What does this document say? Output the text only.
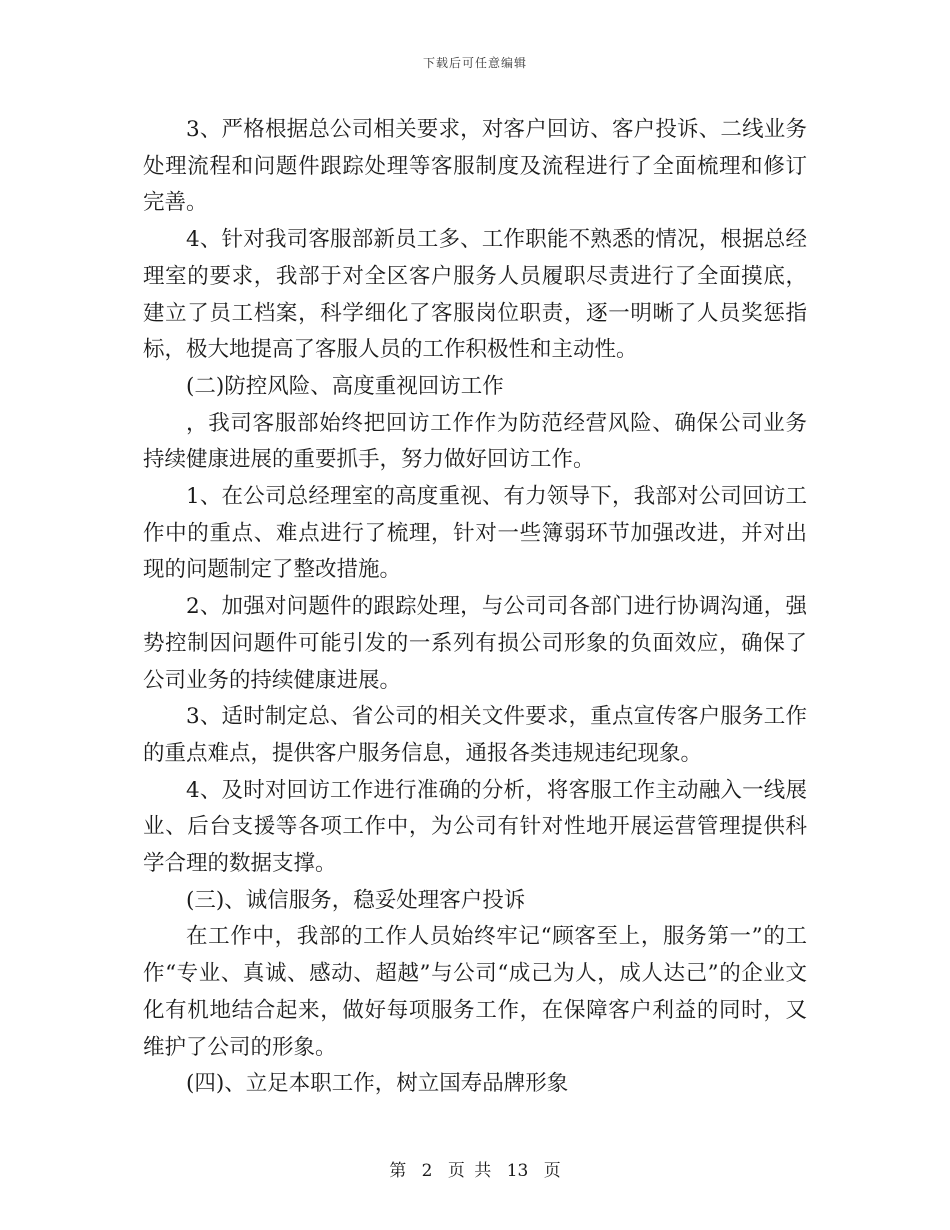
下载后可任意编辑

3、严格根据总公司相关要求，对客户回访、客户投诉、二线业务处理流程和问题件跟踪处理等客服制度及流程进行了全面梳理和修订完善。

4、针对我司客服部新员工多、工作职能不熟悉的情况，根据总经理室的要求，我部于对全区客户服务人员履职尽责进行了全面摸底，建立了员工档案，科学细化了客服岗位职责，逐一明晰了人员奖惩指标，极大地提高了客服人员的工作积极性和主动性。

(二)防控风险、高度重视回访工作

，我司客服部始终把回访工作作为防范经营风险、确保公司业务持续健康进展的重要抓手，努力做好回访工作。

1、在公司总经理室的高度重视、有力领导下，我部对公司回访工作中的重点、难点进行了梳理，针对一些簿弱环节加强改进，并对出现的问题制定了整改措施。

2、加强对问题件的跟踪处理，与公司司各部门进行协调沟通，强势控制因问题件可能引发的一系列有损公司形象的负面效应，确保了公司业务的持续健康进展。

3、适时制定总、省公司的相关文件要求，重点宣传客户服务工作的重点难点，提供客户服务信息，通报各类违规违纪现象。

4、及时对回访工作进行准确的分析，将客服工作主动融入一线展业、后台支援等各项工作中，为公司有针对性地开展运营管理提供科学合理的数据支撑。

(三)、诚信服务，稳妥处理客户投诉

在工作中，我部的工作人员始终牢记“顾客至上，服务第一”的工作“专业、真诚、感动、超越”与公司“成己为人，成人达己”的企业文化有机地结合起来，做好每项服务工作，在保障客户利益的同时，又维护了公司的形象。

(四)、立足本职工作，树立国寿品牌形象

第 2 页 共 13 页
